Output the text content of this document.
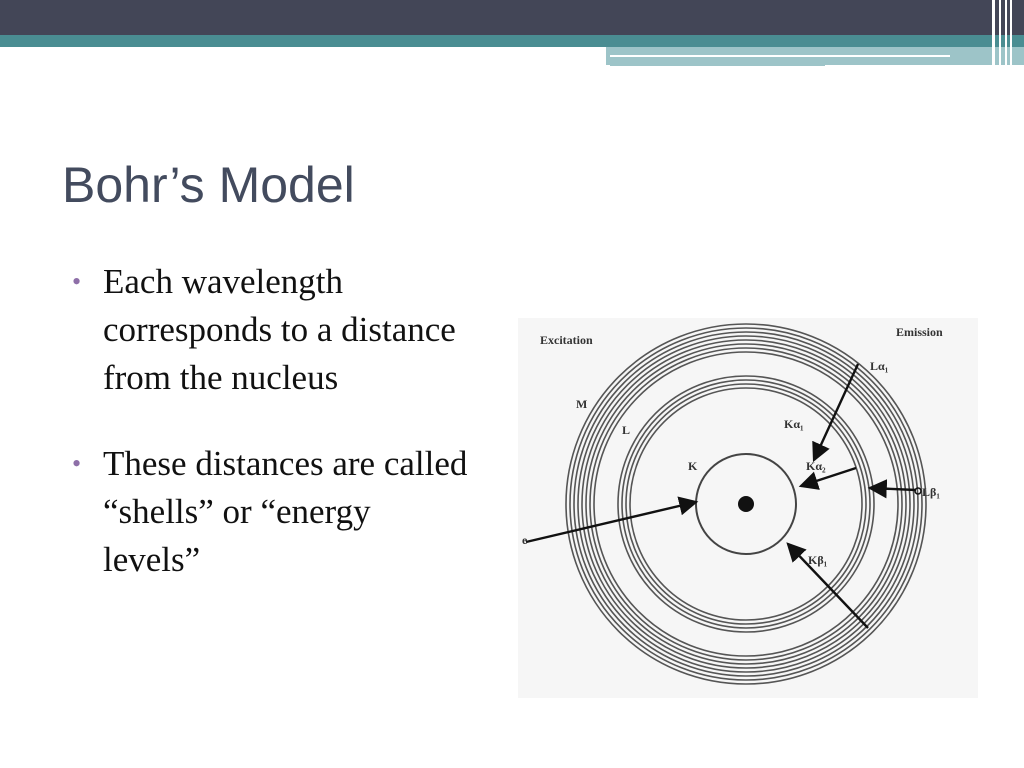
Bohr’s Model
• Each wavelength corresponds to a distance from the nucleus
• These distances are called “shells” or “energy levels”
Excitation
Emission
M
L
K
Lα₁
Kα₁
Kα₂
Lβ₁
Kβ₁
e
